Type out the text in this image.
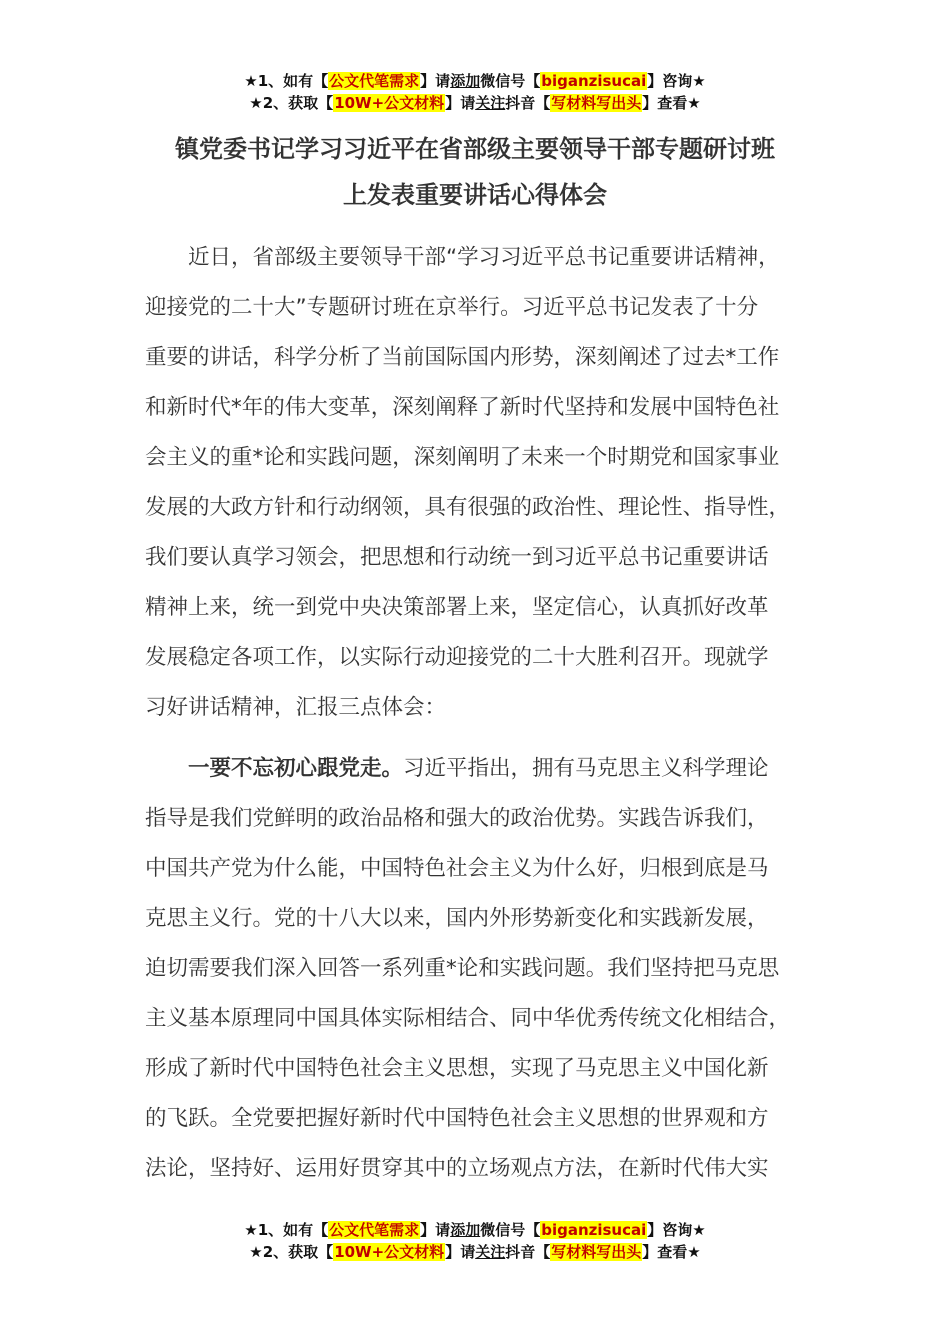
★1、如有【公文代笔需求】请添加微信号【biganzisucai】咨询★
★2、获取【10W+公文材料】请关注抖音【写材料写出头】查看★
镇党委书记学习习近平在省部级主要领导干部专题研讨班
上发表重要讲话心得体会
近日，省部级主要领导干部“学习习近平总书记重要讲话精神，
迎接党的二十大”专题研讨班在京举行。习近平总书记发表了十分
重要的讲话，科学分析了当前国际国内形势，深刻阐述了过去*工作
和新时代*年的伟大变革，深刻阐释了新时代坚持和发展中国特色社
会主义的重*论和实践问题，深刻阐明了未来一个时期党和国家事业
发展的大政方针和行动纲领，具有很强的政治性、理论性、指导性，
我们要认真学习领会，把思想和行动统一到习近平总书记重要讲话
精神上来，统一到党中央决策部署上来，坚定信心，认真抓好改革
发展稳定各项工作，以实际行动迎接党的二十大胜利召开。现就学
习好讲话精神，汇报三点体会：
一要不忘初心跟党走。习近平指出，拥有马克思主义科学理论
指导是我们党鲜明的政治品格和强大的政治优势。实践告诉我们，
中国共产党为什么能，中国特色社会主义为什么好，归根到底是马
克思主义行。党的十八大以来，国内外形势新变化和实践新发展，
迫切需要我们深入回答一系列重*论和实践问题。我们坚持把马克思
主义基本原理同中国具体实际相结合、同中华优秀传统文化相结合，
形成了新时代中国特色社会主义思想，实现了马克思主义中国化新
的飞跃。全党要把握好新时代中国特色社会主义思想的世界观和方
法论，坚持好、运用好贯穿其中的立场观点方法，在新时代伟大实
★1、如有【公文代笔需求】请添加微信号【biganzisucai】咨询★
★2、获取【10W+公文材料】请关注抖音【写材料写出头】查看★
